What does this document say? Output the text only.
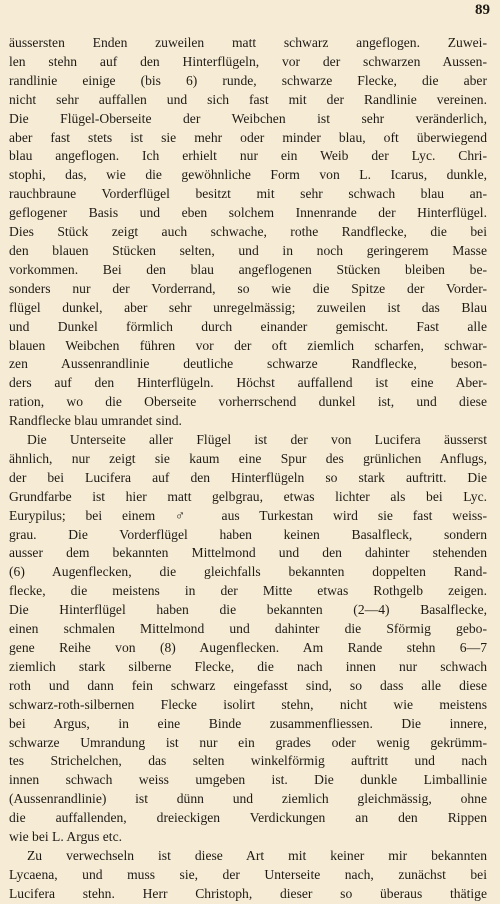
89
äussersten Enden zuweilen matt schwarz angeflogen. Zuwei-
len stehn auf den Hinterflügeln, vor der schwarzen Aussen-
randlinie einige (bis 6) runde, schwarze Flecke, die aber
nicht sehr auffallen und sich fast mit der Randlinie vereinen.
Die Flügel-Oberseite der Weibchen ist sehr veränderlich,
aber fast stets ist sie mehr oder minder blau, oft überwiegend
blau angeflogen. Ich erhielt nur ein Weib der Lyc. Chri-
stophi, das, wie die gewöhnliche Form von L. Icarus, dunkle,
rauchbraune Vorderflügel besitzt mit sehr schwach blau an-
geflogener Basis und eben solchem Innenrande der Hinterflügel.
Dies Stück zeigt auch schwache, rothe Randflecke, die bei
den blauen Stücken selten, und in noch geringerem Masse
vorkommen. Bei den blau angeflogenen Stücken bleiben be-
sonders nur der Vorderrand, so wie die Spitze der Vorder-
flügel dunkel, aber sehr unregelmässig; zuweilen ist das Blau
und Dunkel förmlich durch einander gemischt. Fast alle
blauen Weibchen führen vor der oft ziemlich scharfen, schwar-
zen Aussenrandlinie deutliche schwarze Randflecke, beson-
ders auf den Hinterflügeln. Höchst auffallend ist eine Aber-
ration, wo die Oberseite vorherrschend dunkel ist, und diese
Randflecke blau umrandet sind.
Die Unterseite aller Flügel ist der von Lucifera äusserst
ähnlich, nur zeigt sie kaum eine Spur des grünlichen Anflugs,
der bei Lucifera auf den Hinterflügeln so stark auftritt. Die
Grundfarbe ist hier matt gelbgrau, etwas lichter als bei Lyc.
Eurypilus; bei einem ♂ aus Turkestan wird sie fast weiss-
grau. Die Vorderflügel haben keinen Basalfleck, sondern
ausser dem bekannten Mittelmond und den dahinter stehenden
(6) Augenflecken, die gleichfalls bekannten doppelten Rand-
flecke, die meistens in der Mitte etwas Rothgelb zeigen.
Die Hinterflügel haben die bekannten (2—4) Basalflecke,
einen schmalen Mittelmond und dahinter die Sförmig gebo-
gene Reihe von (8) Augenflecken. Am Rande stehn 6—7
ziemlich stark silberne Flecke, die nach innen nur schwach
roth und dann fein schwarz eingefasst sind, so dass alle diese
schwarz-roth-silbernen Flecke isolirt stehn, nicht wie meistens
bei Argus, in eine Binde zusammenfliessen. Die innere,
schwarze Umrandung ist nur ein grades oder wenig gekrümm-
tes Strichelchen, das selten winkelförmig auftritt und nach
innen schwach weiss umgeben ist. Die dunkle Limballinie
(Aussenrandlinie) ist dünn und ziemlich gleichmässig, ohne
die auffallenden, dreieckigen Verdickungen an den Rippen
wie bei L. Argus etc.
Zu verwechseln ist diese Art mit keiner mir bekannten
Lycaena, und muss sie, der Unterseite nach, zunächst bei
Lucifera stehn. Herr Christoph, dieser so überaus thätige
